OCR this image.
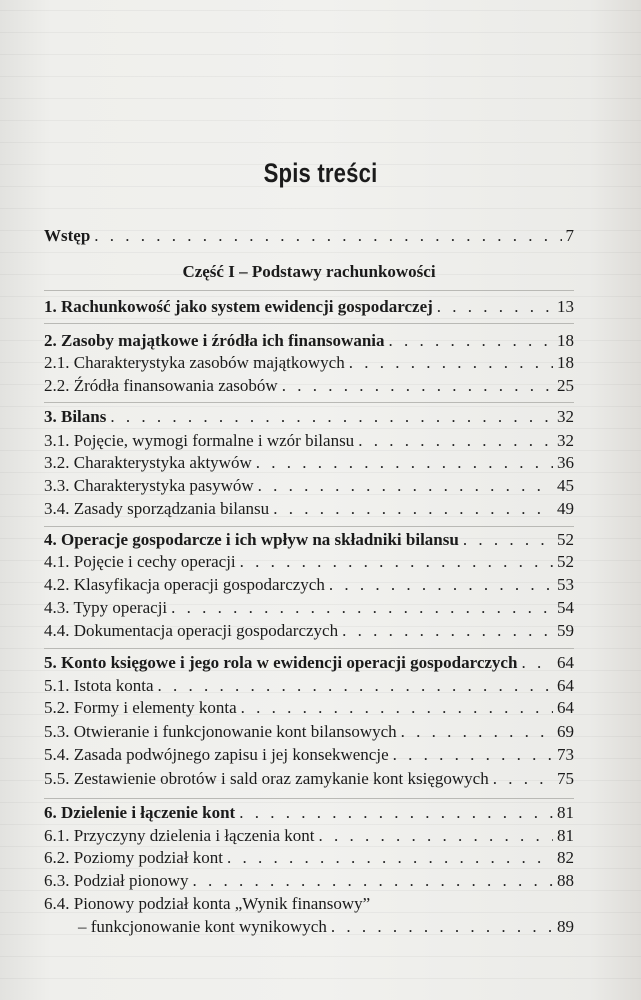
Spis treści
Wstęp . . .	7
Część I – Podstawy rachunkowości
1. Rachunkowość jako system ewidencji gospodarczej . . .	13
2. Zasoby majątkowe i źródła ich finansowania . . .	18
2.1. Charakterystyka zasobów majątkowych . . .	18
2.2. Źródła finansowania zasobów . . .	25
3. Bilans . . .	32
3.1. Pojęcie, wymogi formalne i wzór bilansu . . .	32
3.2. Charakterystyka aktywów . . .	36
3.3. Charakterystyka pasywów . . .	45
3.4. Zasady sporządzania bilansu . . .	49
4. Operacje gospodarcze i ich wpływ na składniki bilansu . . .	52
4.1. Pojęcie i cechy operacji . . .	52
4.2. Klasyfikacja operacji gospodarczych . . .	53
4.3. Typy operacji . . .	54
4.4. Dokumentacja operacji gospodarczych . . .	59
5. Konto księgowe i jego rola w ewidencji operacji gospodarczych . . . 64
5.1. Istota konta . . .	64
5.2. Formy i elementy konta . . .	64
5.3. Otwieranie i funkcjonowanie kont bilansowych . . .	69
5.4. Zasada podwójnego zapisu i jej konsekwencje . . .	73
5.5. Zestawienie obrotów i sald oraz zamykanie kont księgowych . . .	75
6. Dzielenie i łączenie kont . . .	81
6.1. Przyczyny dzielenia i łączenia kont . . .	81
6.2. Poziomy podział kont . . .	82
6.3. Podział pionowy . . .	88
6.4. Pionowy podział konta „Wynik finansowy”
– funkcjonowanie kont wynikowych . . .	89
